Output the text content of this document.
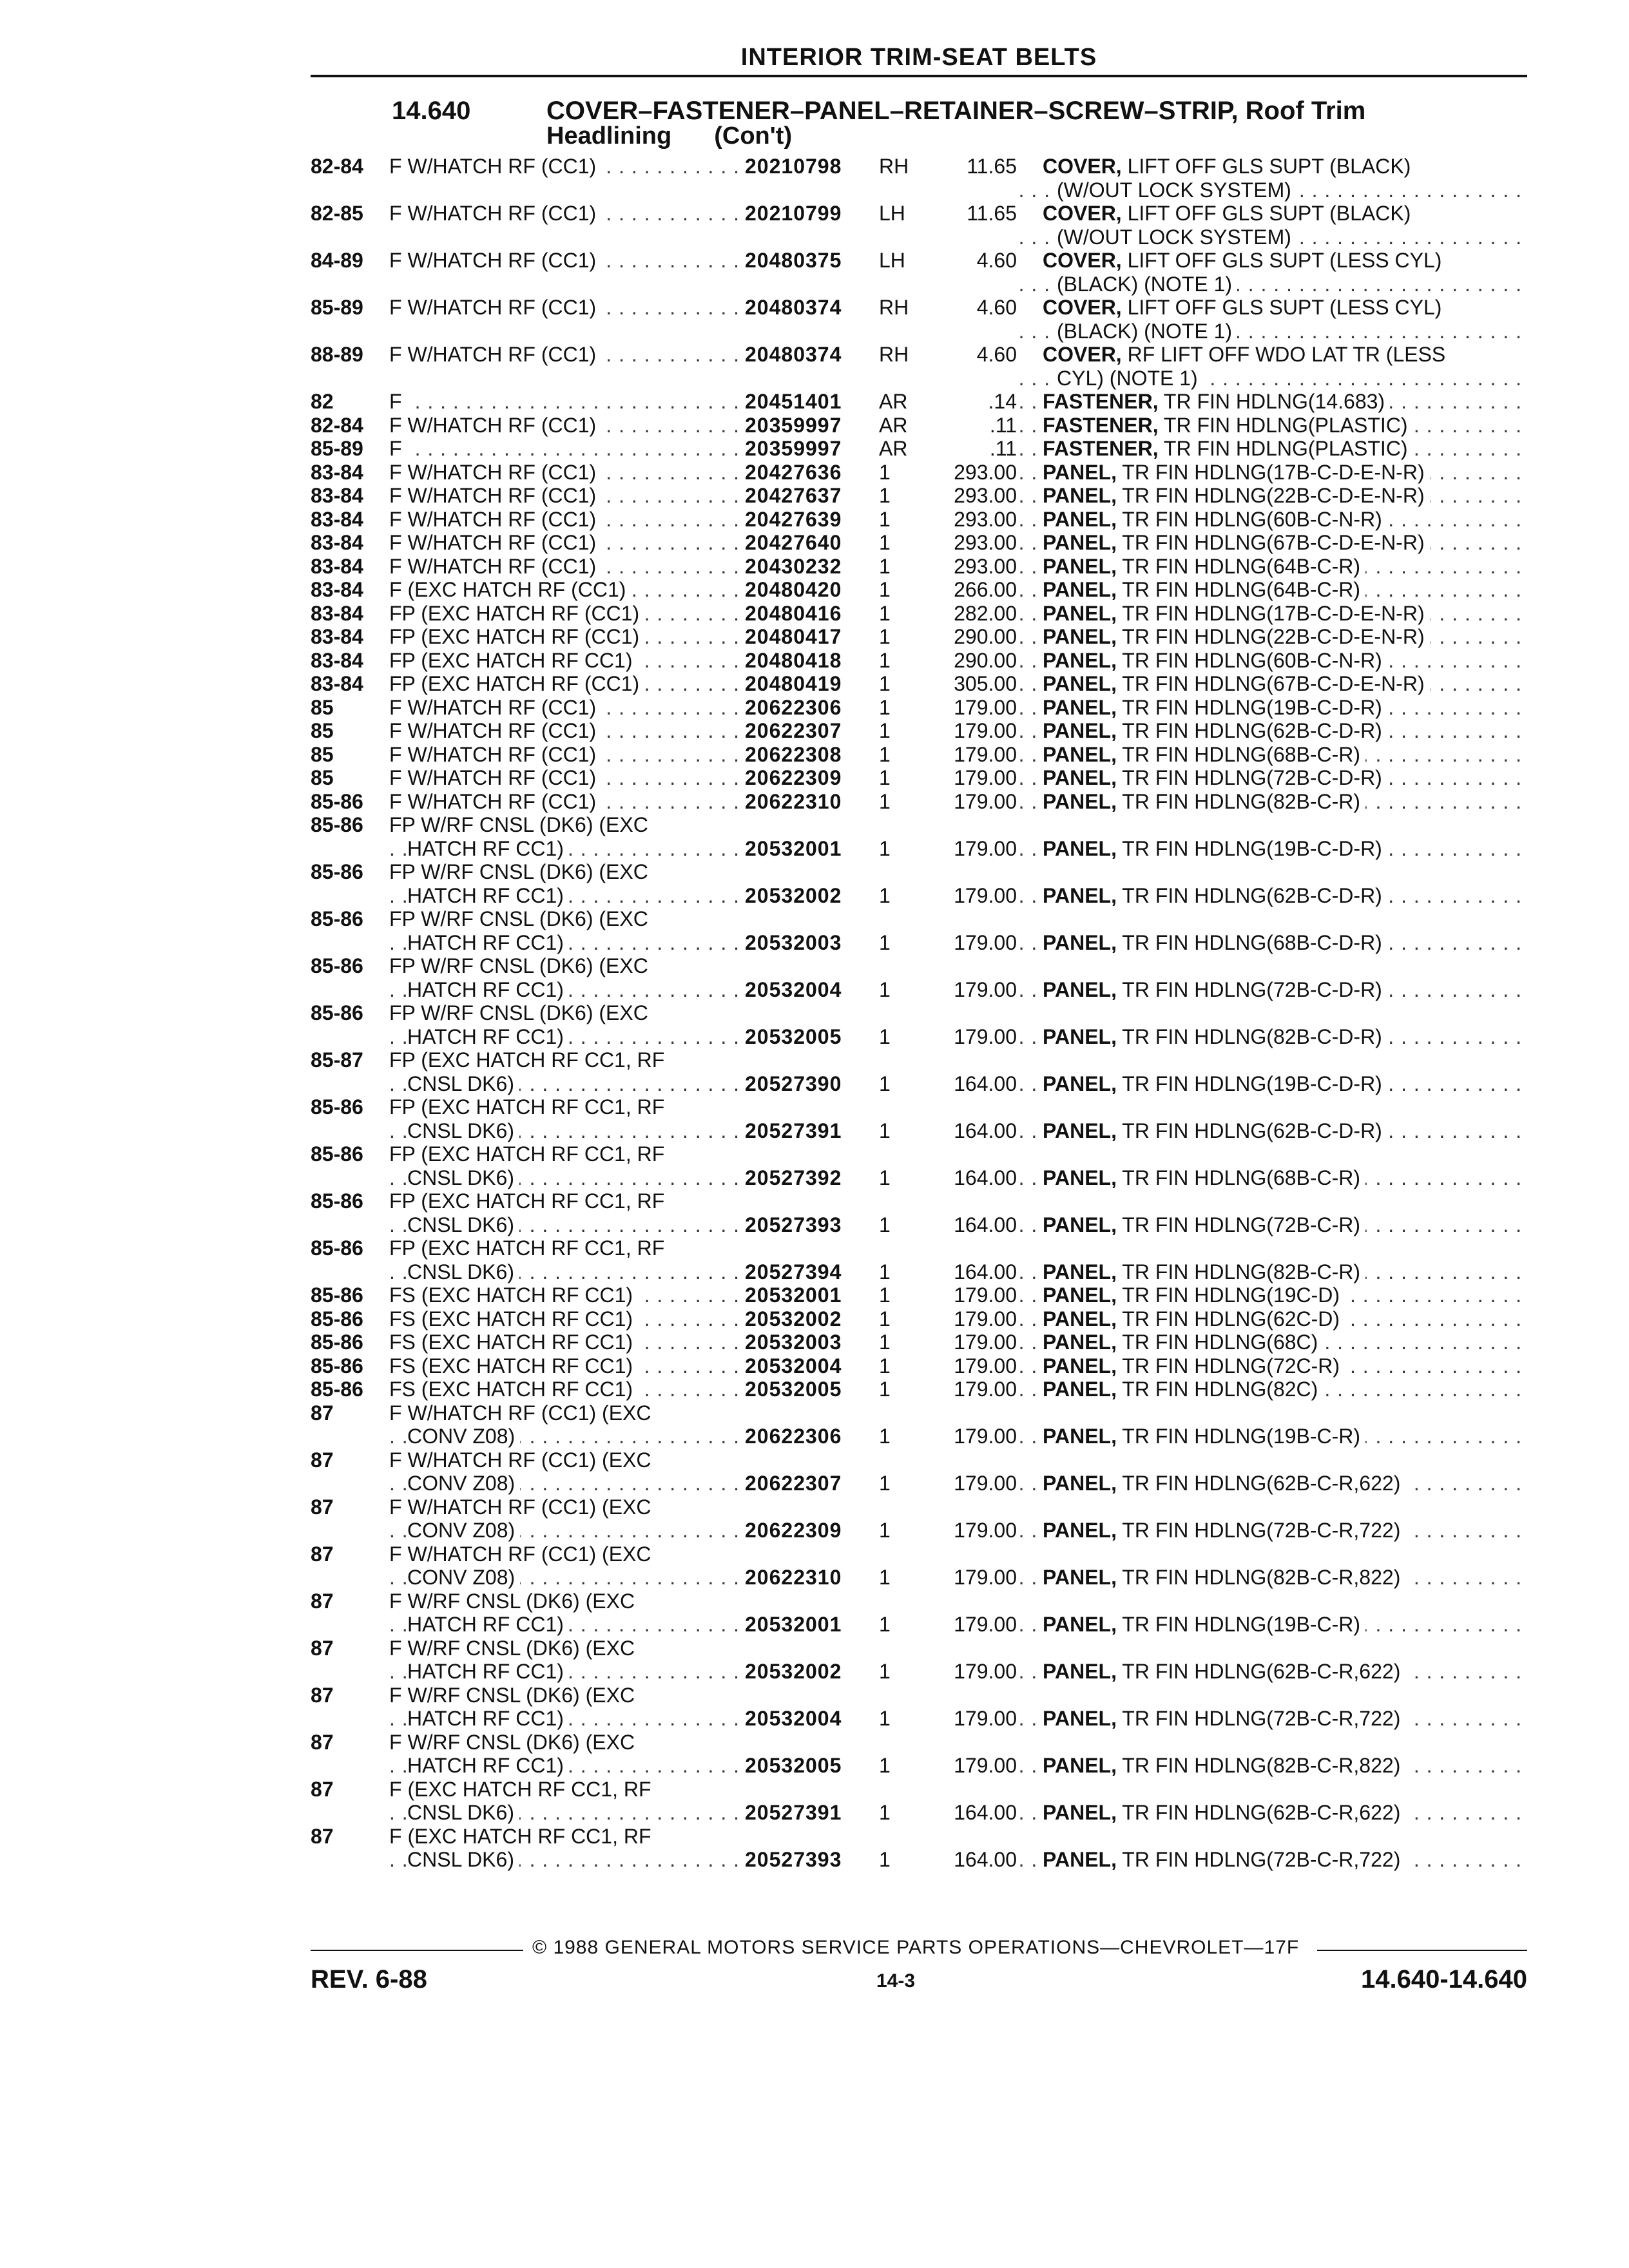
INTERIOR TRIM-SEAT BELTS
14.640	COVER–FASTENER–PANEL–RETAINER–SCREW–STRIP, Roof Trim
Headlining (Con't)
82-84 . . .	F W/HATCH RF (CC1)	20210798	RH	11.65	COVER, LIFT OFF GLS SUPT (BLACK)
. . .
(W/OUT LOCK SYSTEM)
82-85 . . .	F W/HATCH RF (CC1)	20210799	LH	11.65	COVER, LIFT OFF GLS SUPT (BLACK)
. . .
(W/OUT LOCK SYSTEM)
84-89 . . .	F W/HATCH RF (CC1)	20480375	LH	4.60	COVER, LIFT OFF GLS SUPT (LESS CYL)
. . .
(BLACK) (NOTE 1)
85-89 . . .	F W/HATCH RF (CC1)	20480374	RH	4.60	COVER, LIFT OFF GLS SUPT (LESS CYL)
. . .
(BLACK) (NOTE 1)
88-89 . . .	F W/HATCH RF (CC1)	20480374	RH	4.60	COVER, RF LIFT OFF WDO LAT TR (LESS
. . .
CYL) (NOTE 1)
82 . . .	F	20451401	AR	.14 . . .	FASTENER, TR FIN HDLNG(14.683)
82-84 . . .	F W/HATCH RF (CC1)	20359997	AR	.11 . . .	FASTENER, TR FIN HDLNG(PLASTIC)
85-89 . . .	F	20359997	AR	.11 . . .	FASTENER, TR FIN HDLNG(PLASTIC)
83-84 . . .	F W/HATCH RF (CC1)	20427636	1	293.00 . . .	PANEL, TR FIN HDLNG(17B-C-D-E-N-R)
83-84 . . .	F W/HATCH RF (CC1)	20427637	1	293.00 . . .	PANEL, TR FIN HDLNG(22B-C-D-E-N-R)
83-84 . . .	F W/HATCH RF (CC1)	20427639	1	293.00 . . .	PANEL, TR FIN HDLNG(60B-C-N-R)
83-84 . . .	F W/HATCH RF (CC1)	20427640	1	293.00 . . .	PANEL, TR FIN HDLNG(67B-C-D-E-N-R)
83-84 . . .	F W/HATCH RF (CC1)	20430232	1	293.00 . . .	PANEL, TR FIN HDLNG(64B-C-R)
83-84 . . .	F (EXC HATCH RF (CC1)	20480420	1	266.00 . . .	PANEL, TR FIN HDLNG(64B-C-R)
83-84 . . .	FP (EXC HATCH RF (CC1)	20480416	1	282.00 . . .	PANEL, TR FIN HDLNG(17B-C-D-E-N-R)
83-84 . . .	FP (EXC HATCH RF (CC1)	20480417	1	290.00 . . .	PANEL, TR FIN HDLNG(22B-C-D-E-N-R)
83-84 . . .	FP (EXC HATCH RF CC1)	20480418	1	290.00 . . .	PANEL, TR FIN HDLNG(60B-C-N-R)
83-84 . . .	FP (EXC HATCH RF (CC1)	20480419	1	305.00 . . .	PANEL, TR FIN HDLNG(67B-C-D-E-N-R)
85 . . .	F W/HATCH RF (CC1)	20622306	1	179.00 . . .	PANEL, TR FIN HDLNG(19B-C-D-R)
85 . . .	F W/HATCH RF (CC1)	20622307	1	179.00 . . .	PANEL, TR FIN HDLNG(62B-C-D-R)
85 . . .	F W/HATCH RF (CC1)	20622308	1	179.00 . . .	PANEL, TR FIN HDLNG(68B-C-R)
85 . . .	F W/HATCH RF (CC1)	20622309	1	179.00 . . .	PANEL, TR FIN HDLNG(72B-C-D-R)
85-86 . . .	F W/HATCH RF (CC1)	20622310	1	179.00 . . .	PANEL, TR FIN HDLNG(82B-C-R)
85-86	FP W/RF CNSL (DK6) (EXC
. . .
HATCH RF CC1)	20532001	1	179.00 . . .	PANEL, TR FIN HDLNG(19B-C-D-R)
85-86	FP W/RF CNSL (DK6) (EXC
. . .
HATCH RF CC1)	20532002	1	179.00 . . .	PANEL, TR FIN HDLNG(62B-C-D-R)
85-86	FP W/RF CNSL (DK6) (EXC
. . .
HATCH RF CC1)	20532003	1	179.00 . . .	PANEL, TR FIN HDLNG(68B-C-D-R)
85-86	FP W/RF CNSL (DK6) (EXC
. . .
HATCH RF CC1)	20532004	1	179.00 . . .	PANEL, TR FIN HDLNG(72B-C-D-R)
85-86	FP W/RF CNSL (DK6) (EXC
. . .
HATCH RF CC1)	20532005	1	179.00 . . .	PANEL, TR FIN HDLNG(82B-C-D-R)
85-87	FP (EXC HATCH RF CC1, RF
. . .
CNSL DK6)	20527390	1	164.00 . . .	PANEL, TR FIN HDLNG(19B-C-D-R)
85-86	FP (EXC HATCH RF CC1, RF
. . .
CNSL DK6)	20527391	1	164.00 . . .	PANEL, TR FIN HDLNG(62B-C-D-R)
85-86	FP (EXC HATCH RF CC1, RF
. . .
CNSL DK6)	20527392	1	164.00 . . .	PANEL, TR FIN HDLNG(68B-C-R)
85-86	FP (EXC HATCH RF CC1, RF
. . .
CNSL DK6)	20527393	1	164.00 . . .	PANEL, TR FIN HDLNG(72B-C-R)
85-86	FP (EXC HATCH RF CC1, RF
. . .
CNSL DK6)	20527394	1	164.00 . . .	PANEL, TR FIN HDLNG(82B-C-R)
85-86 . . .	FS (EXC HATCH RF CC1)	20532001	1	179.00 . . .	PANEL, TR FIN HDLNG(19C-D)
85-86 . . .	FS (EXC HATCH RF CC1)	20532002	1	179.00 . . .	PANEL, TR FIN HDLNG(62C-D)
85-86 . . .	FS (EXC HATCH RF CC1)	20532003	1	179.00 . . .	PANEL, TR FIN HDLNG(68C)
85-86 . . .	FS (EXC HATCH RF CC1)	20532004	1	179.00 . . .	PANEL, TR FIN HDLNG(72C-R)
85-86 . . .	FS (EXC HATCH RF CC1)	20532005	1	179.00 . . .	PANEL, TR FIN HDLNG(82C)
87	F W/HATCH RF (CC1) (EXC
. . .
CONV Z08)	20622306	1	179.00 . . .	PANEL, TR FIN HDLNG(19B-C-R)
87	F W/HATCH RF (CC1) (EXC
. . .
CONV Z08)	20622307	1	179.00 . . .	PANEL, TR FIN HDLNG(62B-C-R,622)
87	F W/HATCH RF (CC1) (EXC
. . .
CONV Z08)	20622309	1	179.00 . . .	PANEL, TR FIN HDLNG(72B-C-R,722)
87	F W/HATCH RF (CC1) (EXC
. . .
CONV Z08)	20622310	1	179.00 . . .	PANEL, TR FIN HDLNG(82B-C-R,822)
87	F W/RF CNSL (DK6) (EXC
. . .
HATCH RF CC1)	20532001	1	179.00 . . .	PANEL, TR FIN HDLNG(19B-C-R)
87	F W/RF CNSL (DK6) (EXC
. . .
HATCH RF CC1)	20532002	1	179.00 . . .	PANEL, TR FIN HDLNG(62B-C-R,622)
87	F W/RF CNSL (DK6) (EXC
. . .
HATCH RF CC1)	20532004	1	179.00 . . .	PANEL, TR FIN HDLNG(72B-C-R,722)
87	F W/RF CNSL (DK6) (EXC
. . .
HATCH RF CC1)	20532005	1	179.00 . . .	PANEL, TR FIN HDLNG(82B-C-R,822)
87	F (EXC HATCH RF CC1, RF
. . .
CNSL DK6)	20527391	1	164.00 . . .	PANEL, TR FIN HDLNG(62B-C-R,622)
87	F (EXC HATCH RF CC1, RF
. . .
CNSL DK6)	20527393	1	164.00 . . .	PANEL, TR FIN HDLNG(72B-C-R,722)
© 1988 GENERAL MOTORS SERVICE PARTS OPERATIONS—CHEVROLET—17F
REV. 6-88	14-3	14.640-14.640
